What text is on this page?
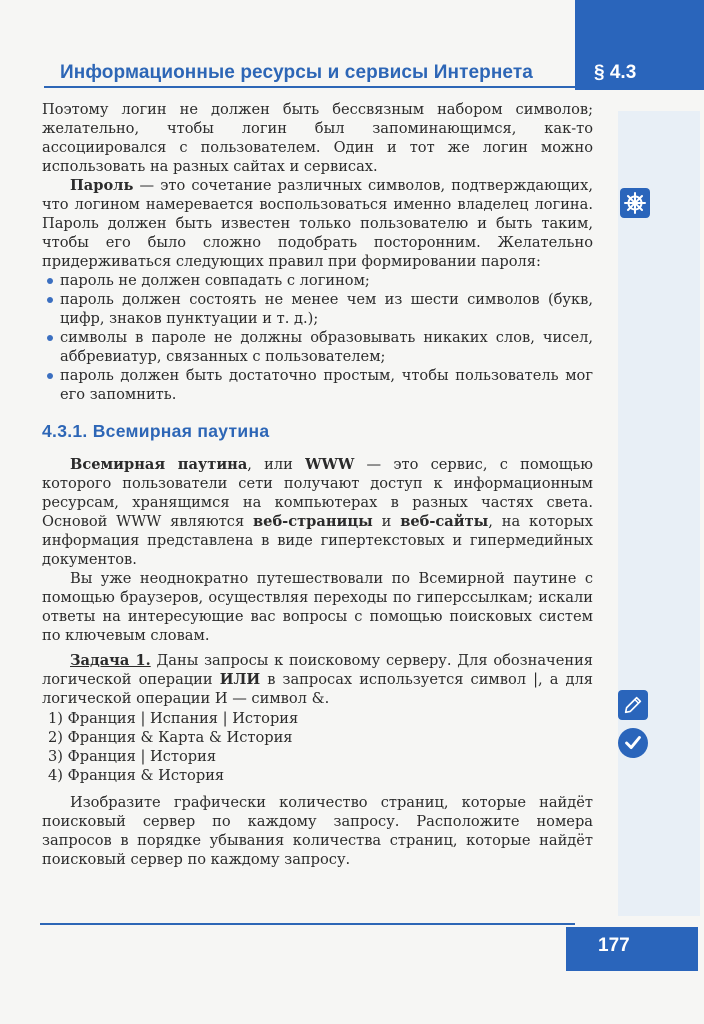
§ 4.3
Информационные ресурсы и сервисы Интернета

Поэтому логин не должен быть бессвязным набором символов; желательно, чтобы логин был запоминающимся, как-то ассоциировался с пользователем. Один и тот же логин можно использовать на разных сайтах и сервисах.

Пароль — это сочетание различных символов, подтверждающих, что логином намеревается воспользоваться именно владелец логина. Пароль должен быть известен только пользователю и быть таким, чтобы его было сложно подобрать посторонним. Желательно придерживаться следующих правил при формировании пароля:

пароль не должен совпадать с логином;
пароль должен состоять не менее чем из шести символов (букв, цифр, знаков пунктуации и т. д.);
символы в пароле не должны образовывать никаких слов, чисел, аббревиатур, связанных с пользователем;
пароль должен быть достаточно простым, чтобы пользователь мог его запомнить.
4.3.1. Всемирная паутина

Всемирная паутина, или WWW — это сервис, с помощью которого пользователи сети получают доступ к информационным ресурсам, хранящимся на компьютерах в разных частях света. Основой WWW являются веб-страницы и веб-сайты, на которых информация представлена в виде гипертекстовых и гипермедийных документов.

Вы уже неоднократно путешествовали по Всемирной паутине с помощью браузеров, осуществляя переходы по гиперссылкам; искали ответы на интересующие вас вопросы с помощью поисковых систем по ключевым словам.

Задача 1. Даны запросы к поисковому серверу. Для обозначения логической операции ИЛИ в запросах используется символ |, а для логической операции И — символ &.

1) Франция | Испания | История
2) Франция & Карта & История
3) Франция | История
4) Франция & История

Изобразите графически количество страниц, которые найдёт поисковый сервер по каждому запросу. Расположите номера запросов в порядке убывания количества страниц, которые найдёт поисковый сервер по каждому запросу.

177
